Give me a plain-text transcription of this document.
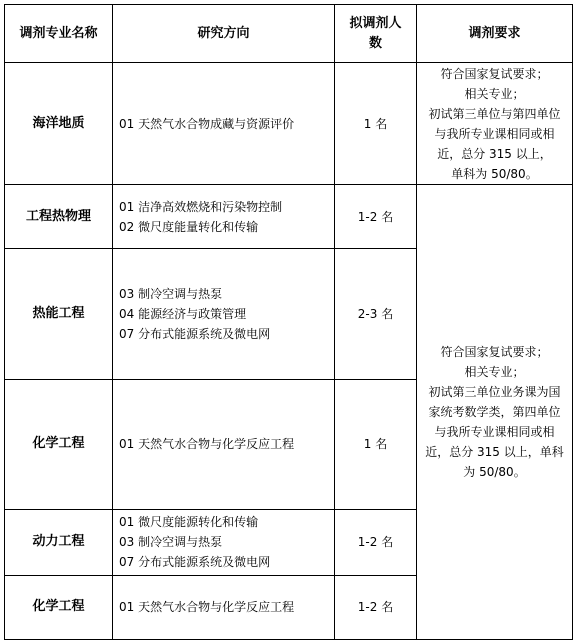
调剂专业名称	研究方向	拟调剂人数	调剂要求
海洋地质	01 天然气水合物成藏与资源评价	1 名	符合国家复试要求；
相关专业；
初试第三单位与第四单位与我所专业课相同或相近，总分 315 以上，
单科为 50/80。

工程热物理	01 洁净高效燃烧和污染物控制
02 微尺度能量转化和传输	1-2 名	符合国家复试要求；
相关专业；
初试第三单位业务课为国家统考数学类，第四单位与我所专业课相同或相近，总分 315 以上，单科为 50/80。

热能工程	03 制冷空调与热泵
04 能源经济与政策管理
07 分布式能源系统及微电网	2-3 名	
化学工程	01 天然气水合物与化学反应工程	1 名	
动力工程	01 微尺度能源转化和传输
03 制冷空调与热泵
07 分布式能源系统及微电网	1-2 名	
化学工程	01 天然气水合物与化学反应工程	1-2 名	
